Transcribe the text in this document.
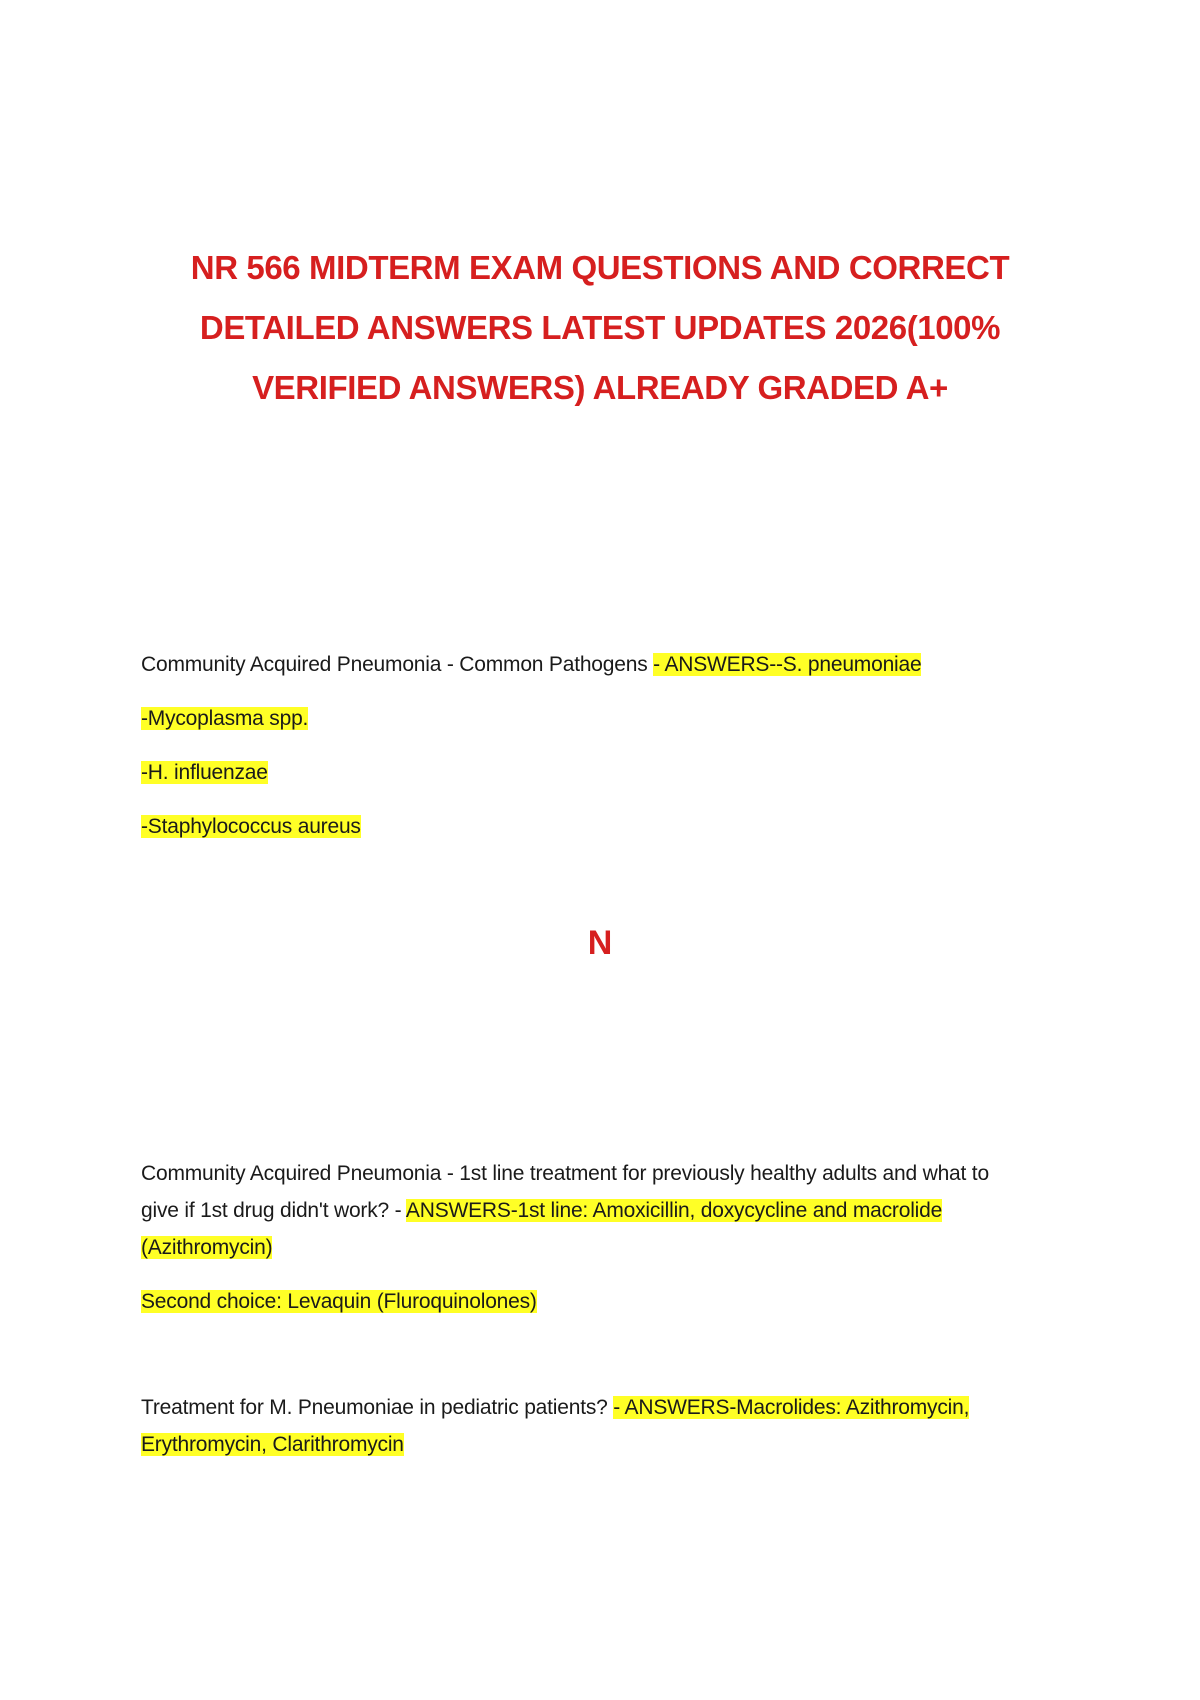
NR 566 MIDTERM EXAM QUESTIONS AND CORRECT
DETAILED ANSWERS LATEST UPDATES 2026(100%
VERIFIED ANSWERS) ALREADY GRADED A+
Community Acquired Pneumonia - Common Pathogens - ANSWERS--S. pneumoniae
-Mycoplasma spp.
-H. influenzae
-Staphylococcus aureus
N
Community Acquired Pneumonia - 1st line treatment for previously healthy adults and what to
give if 1st drug didn't work? - ANSWERS-1st line: Amoxicillin, doxycycline and macrolide
(Azithromycin)
Second choice: Levaquin (Fluroquinolones)
Treatment for M. Pneumoniae in pediatric patients? - ANSWERS-Macrolides: Azithromycin,
Erythromycin, Clarithromycin
